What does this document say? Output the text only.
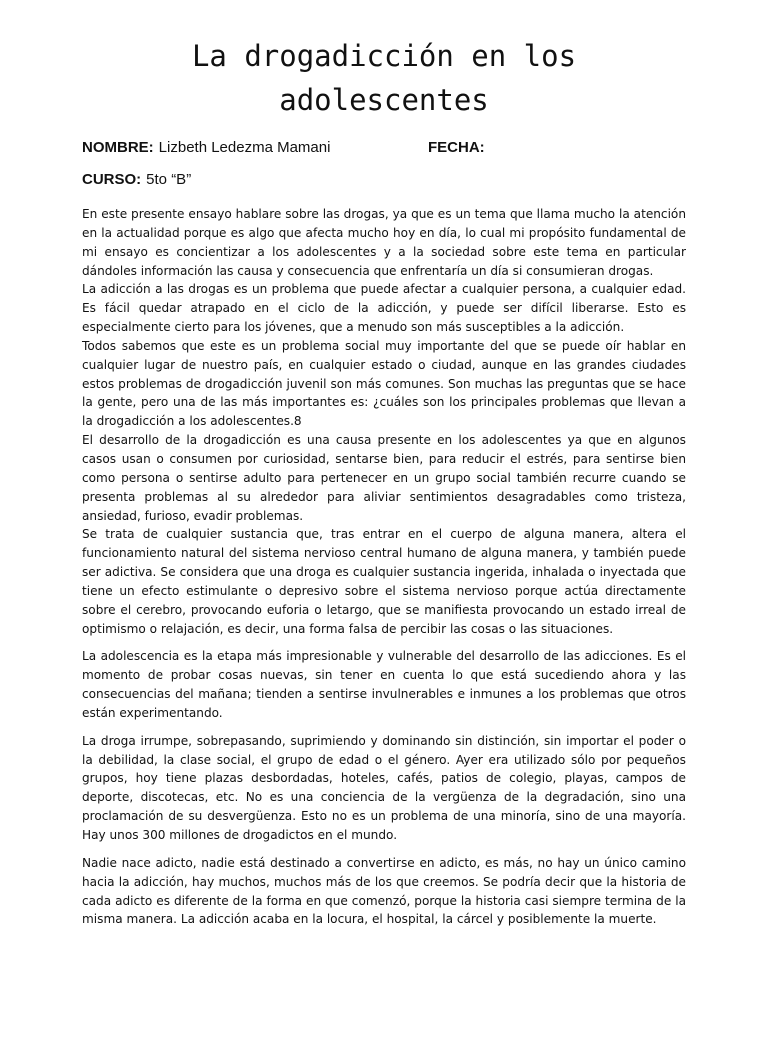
La drogadicción en los
adolescentes
NOMBRE: Lizbeth Ledezma Mamani	FECHA:
CURSO: 5to “B”

En este presente ensayo hablare sobre las drogas, ya que es un tema que llama mucho la atención en la actualidad porque es algo que afecta mucho hoy en día, lo cual mi propósito fundamental de mi ensayo es concientizar a los adolescentes y a la sociedad sobre este tema en particular dándoles información las causa y consecuencia que enfrentaría un día si consumieran drogas.

La adicción a las drogas es un problema que puede afectar a cualquier persona, a cualquier edad. Es fácil quedar atrapado en el ciclo de la adicción, y puede ser difícil liberarse. Esto es especialmente cierto para los jóvenes, que a menudo son más susceptibles a la adicción.

Todos sabemos que este es un problema social muy importante del que se puede oír hablar en cualquier lugar de nuestro país, en cualquier estado o ciudad, aunque en las grandes ciudades estos problemas de drogadicción juvenil son más comunes. Son muchas las preguntas que se hace la gente, pero una de las más importantes es: ¿cuáles son los principales problemas que llevan a la drogadicción a los adolescentes.8

El desarrollo de la drogadicción es una causa presente en los adolescentes ya que en algunos casos usan o consumen por curiosidad, sentarse bien, para reducir el estrés, para sentirse bien como persona o sentirse adulto para pertenecer en un grupo social también recurre cuando se presenta problemas al su alrededor para aliviar sentimientos desagradables como tristeza, ansiedad, furioso, evadir problemas.

Se trata de cualquier sustancia que, tras entrar en el cuerpo de alguna manera, altera el funcionamiento natural del sistema nervioso central humano de alguna manera, y también puede ser adictiva. Se considera que una droga es cualquier sustancia ingerida, inhalada o inyectada que tiene un efecto estimulante o depresivo sobre el sistema nervioso porque actúa directamente sobre el cerebro, provocando euforia o letargo, que se manifiesta provocando un estado irreal de optimismo o relajación, es decir, una forma falsa de percibir las cosas o las situaciones.

La adolescencia es la etapa más impresionable y vulnerable del desarrollo de las adicciones. Es el momento de probar cosas nuevas, sin tener en cuenta lo que está sucediendo ahora y las consecuencias del mañana; tienden a sentirse invulnerables e inmunes a los problemas que otros están experimentando.

La droga irrumpe, sobrepasando, suprimiendo y dominando sin distinción, sin importar el poder o la debilidad, la clase social, el grupo de edad o el género. Ayer era utilizado sólo por pequeños grupos, hoy tiene plazas desbordadas, hoteles, cafés, patios de colegio, playas, campos de deporte, discotecas, etc. No es una conciencia de la vergüenza de la degradación, sino una proclamación de su desvergüenza. Esto no es un problema de una minoría, sino de una mayoría. Hay unos 300 millones de drogadictos en el mundo.

Nadie nace adicto, nadie está destinado a convertirse en adicto, es más, no hay un único camino hacia la adicción, hay muchos, muchos más de los que creemos. Se podría decir que la historia de cada adicto es diferente de la forma en que comenzó, porque la historia casi siempre termina de la misma manera. La adicción acaba en la locura, el hospital, la cárcel y posiblemente la muerte.
